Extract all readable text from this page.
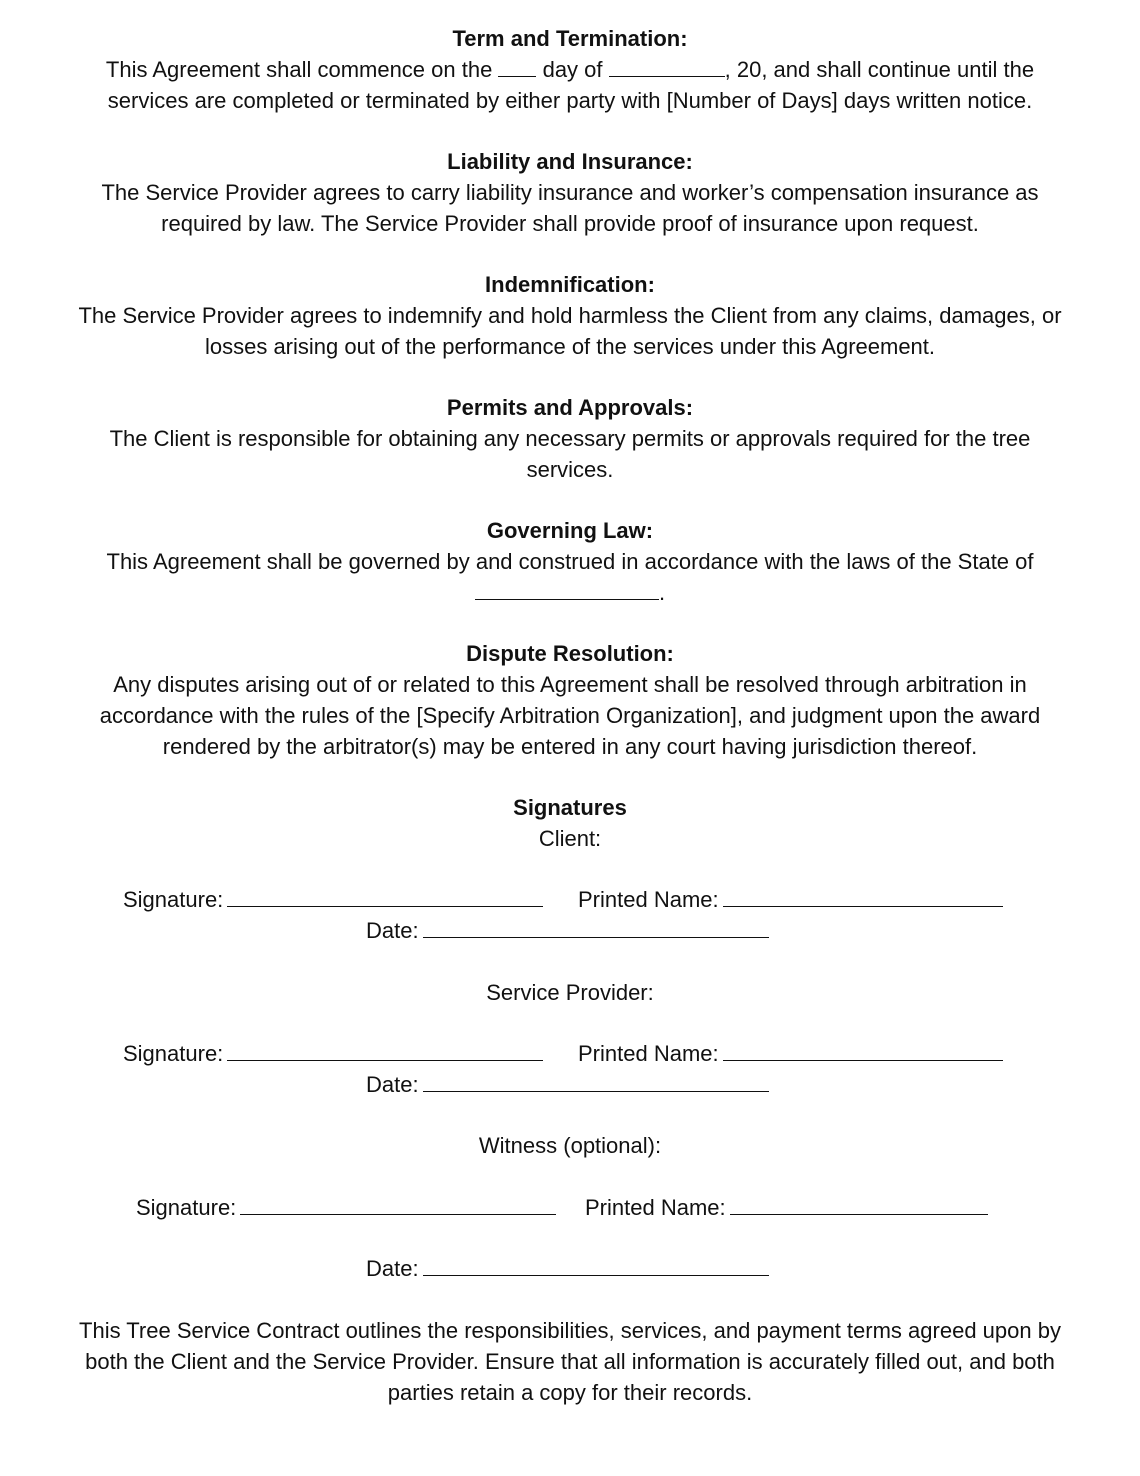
Term and Termination:
This Agreement shall commence on the day of	, 20, and shall continue until the
services are completed or terminated by either party with [Number of Days] days written notice.
Liability and Insurance:
The Service Provider agrees to carry liability insurance and worker’s compensation insurance as
required by law. The Service Provider shall provide proof of insurance upon request.
Indemnification:
The Service Provider agrees to indemnify and hold harmless the Client from any claims, damages, or
losses arising out of the performance of the services under this Agreement.
Permits and Approvals:
The Client is responsible for obtaining any necessary permits or approvals required for the tree
services.
Governing Law:
This Agreement shall be governed by and construed in accordance with the laws of the State of
.
Dispute Resolution:
Any disputes arising out of or related to this Agreement shall be resolved through arbitration in
accordance with the rules of the [Specify Arbitration Organization], and judgment upon the award
rendered by the arbitrator(s) may be entered in any court having jurisdiction thereof.
Signatures
Client:
Signature:	Printed Name:
Date:
Service Provider:
Signature:	Printed Name:
Date:
Witness (optional):
Signature:	Printed Name:
Date:
This Tree Service Contract outlines the responsibilities, services, and payment terms agreed upon by
both the Client and the Service Provider. Ensure that all information is accurately filled out, and both
parties retain a copy for their records.
